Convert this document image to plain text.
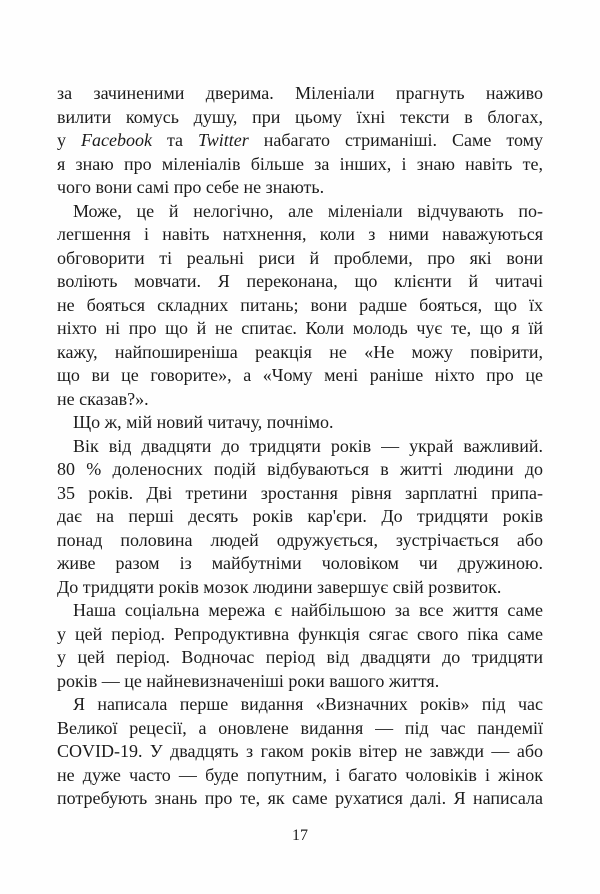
за зачиненими дверима. Міленіали прагнуть наживо
вилити комусь душу, при цьому їхні тексти в блогах,
у Facebook та Twitter набагато стриманіші. Саме тому
я знаю про міленіалів більше за інших, і знаю навіть те,
чого вони самі про себе не знають.
Може, це й нелогічно, але міленіали відчувають по-
легшення і навіть натхнення, коли з ними наважуються
обговорити ті реальні риси й проблеми, про які вони
воліють мовчати. Я переконана, що клієнти й читачі
не бояться складних питань; вони радше бояться, що їх
ніхто ні про що й не спитає. Коли молодь чує те, що я їй
кажу, найпоширеніша реакція не «Не можу повірити,
що ви це говорите», а «Чому мені раніше ніхто про це
не сказав?».
Що ж, мій новий читачу, почнімо.
Вік від двадцяти до тридцяти років — украй важливий.
80 % доленосних подій відбуваються в житті людини до
35 років. Дві третини зростання рівня зарплатні припа-
дає на перші десять років кар'єри. До тридцяти років
понад половина людей одружується, зустрічається або
живе разом із майбутніми чоловіком чи дружиною.
До тридцяти років мозок людини завершує свій розвиток.
Наша соціальна мережа є найбільшою за все життя саме
у цей період. Репродуктивна функція сягає свого піка саме
у цей період. Водночас період від двадцяти до тридцяти
років — це найневизначеніші роки вашого життя.
Я написала перше видання «Визначних років» під час
Великої рецесії, а оновлене видання — під час пандемії
COVID-19. У двадцять з гаком років вітер не завжди — або
не дуже часто — буде попутним, і багато чоловіків і жінок
потребують знань про те, як саме рухатися далі. Я написала
17
